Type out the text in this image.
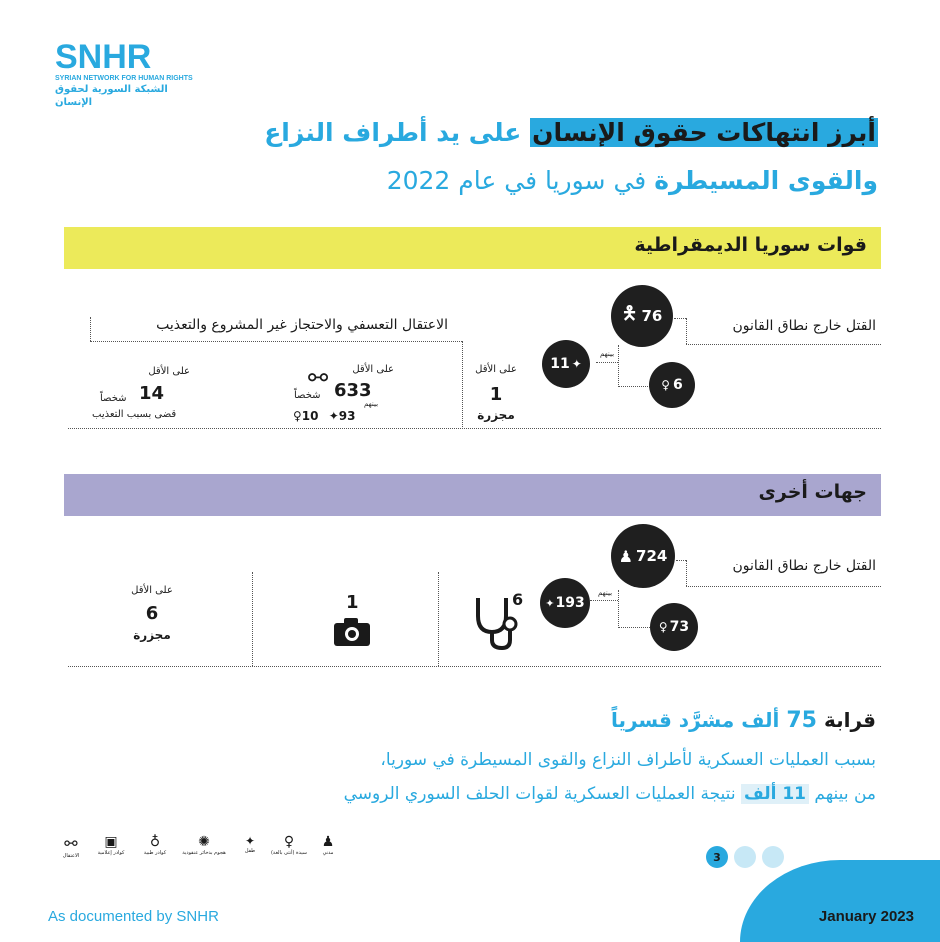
SNHR
SYRIAN NETWORK FOR HUMAN RIGHTS
الشبكة السورية لحقوق الإنسان
أبرز انتهاكات حقوق الإنسان على يد أطراف النزاع
والقوى المسيطرة في سوريا في عام 2022
قوات سوريا الديمقراطية
🯅 76
القتل خارج نطاق القانون
بينهم
11 ✦
♀ 6
على الأقل
1
مجزرة
الاعتقال التعسفي والاحتجاز غير المشروع والتعذيب
على الأقل
⚯ 633
شخصاً
بينهم
♀10 ✦93
على الأقل
14
شخصاً
قضى بسبب التعذيب
جهات أخرى
♟ 724
القتل خارج نطاق القانون
بينهم
✦ 193
♀ 73
6
1
على الأقل
6
مجزرة
قرابة 75 ألف مشرَّد قسرياً
بسبب العمليات العسكرية لأطراف النزاع والقوى المسيطرة في سوريا،
من بينهم 11 ألف نتيجة العمليات العسكرية لقوات الحلف السوري الروسي
⚯
الاعتقال
▣
كوادر إعلامية
♁
كوادر طبية
✺
هجوم بذخائر عنقودية
✦
طفل
♀
سيدة (أنثى بالغة)
♟
مدني	3
As documented by SNHR	January 2023
